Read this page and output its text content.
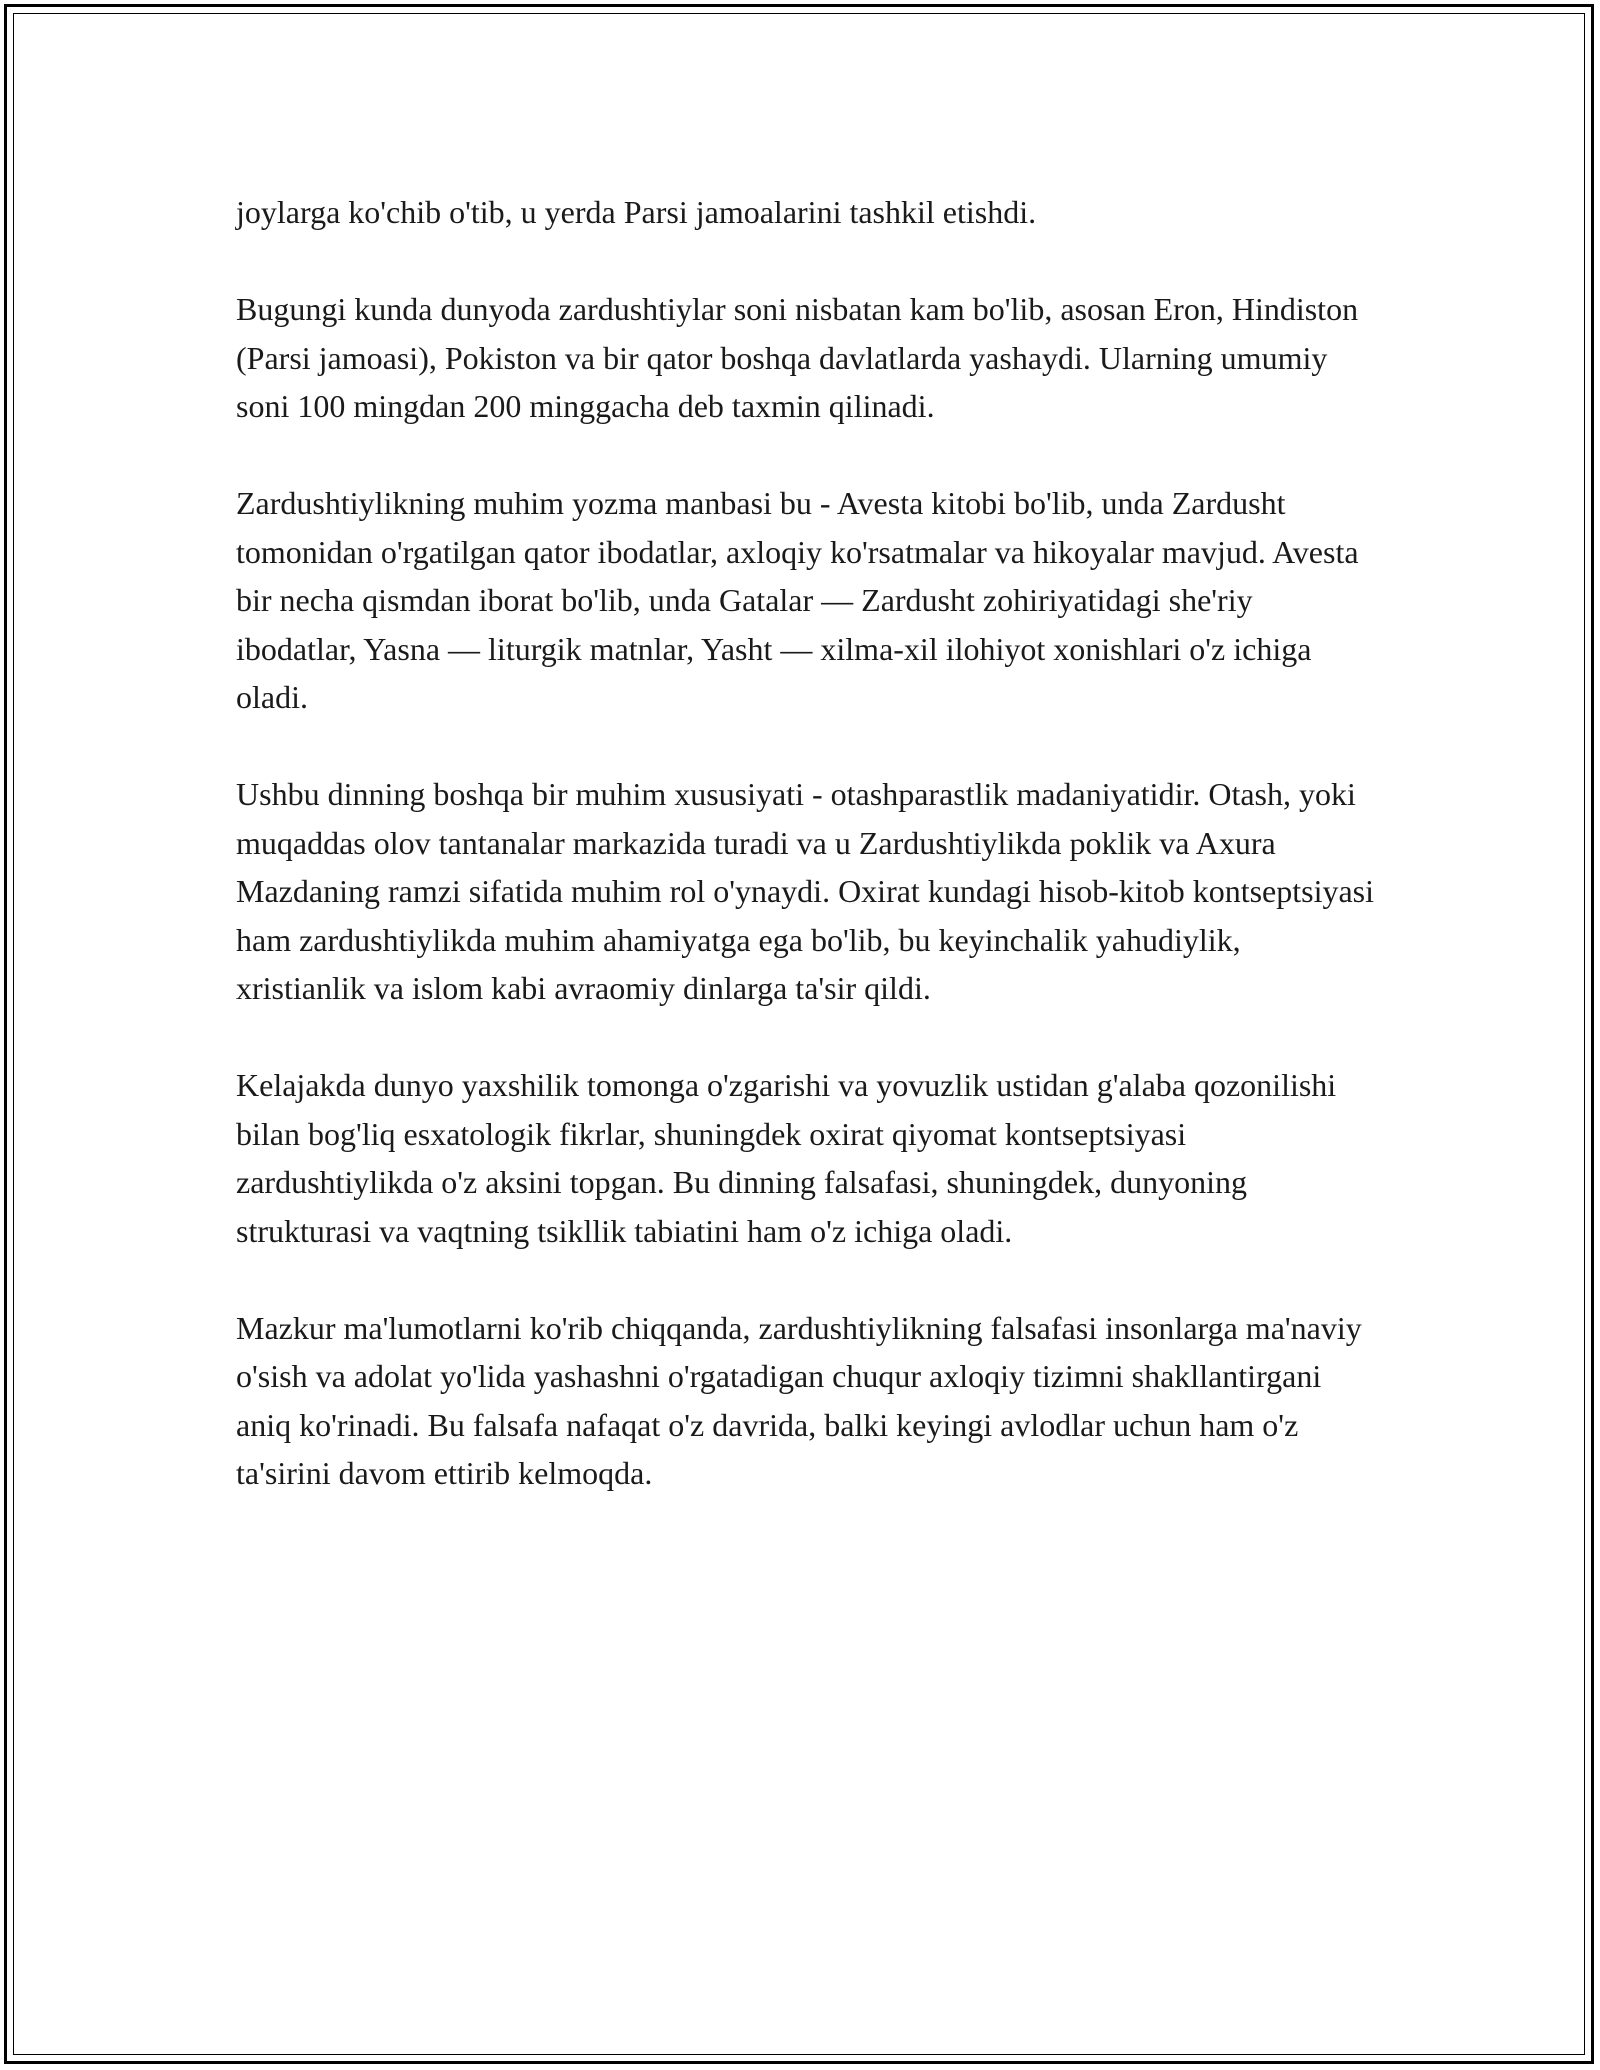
joylarga ko'chib o'tib, u yerda Parsi jamoalarini tashkil etishdi.

Bugungi kunda dunyoda zardushtiylar soni nisbatan kam bo'lib, asosan Eron, Hindiston (Parsi jamoasi), Pokiston va bir qator boshqa davlatlarda yashaydi. Ularning umumiy soni 100 mingdan 200 minggacha deb taxmin qilinadi.

Zardushtiylikning muhim yozma manbasi bu - Avesta kitobi bo'lib, unda Zardusht tomonidan o'rgatilgan qator ibodatlar, axloqiy ko'rsatmalar va hikoyalar mavjud. Avesta bir necha qismdan iborat bo'lib, unda Gatalar — Zardusht zohiriyatidagi she'riy ibodatlar, Yasna — liturgik matnlar, Yasht — xilma-xil ilohiyot xonishlari o'z ichiga oladi.

Ushbu dinning boshqa bir muhim xususiyati - otashparastlik madaniyatidir. Otash, yoki muqaddas olov tantanalar markazida turadi va u Zardushtiylikda poklik va Axura Mazdaning ramzi sifatida muhim rol o'ynaydi. Oxirat kundagi hisob-kitob kontseptsiyasi ham zardushtiylikda muhim ahamiyatga ega bo'lib, bu keyinchalik yahudiylik, xristianlik va islom kabi avraomiy dinlarga ta'sir qildi.

Kelajakda dunyo yaxshilik tomonga o'zgarishi va yovuzlik ustidan g'alaba qozonilishi bilan bog'liq esxatologik fikrlar, shuningdek oxirat qiyomat kontseptsiyasi zardushtiylikda o'z aksini topgan. Bu dinning falsafasi, shuningdek, dunyoning strukturasi va vaqtning tsikllik tabiatini ham o'z ichiga oladi.

Mazkur ma'lumotlarni ko'rib chiqqanda, zardushtiylikning falsafasi insonlarga ma'naviy o'sish va adolat yo'lida yashashni o'rgatadigan chuqur axloqiy tizimni shakllantirgani aniq ko'rinadi. Bu falsafa nafaqat o'z davrida, balki keyingi avlodlar uchun ham o'z ta'sirini davom ettirib kelmoqda.
